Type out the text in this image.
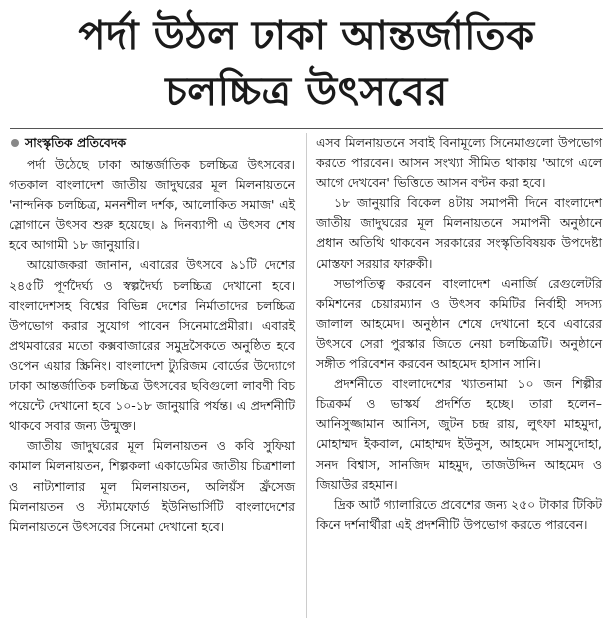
পর্দা উঠল ঢাকা আন্তর্জাতিক
চলচ্চিত্র উৎসবের
সাংস্কৃতিক প্রতিবেদক

পর্দা উঠেছে ঢাকা আন্তর্জাতিক চলচ্চিত্র উৎসবের। গতকাল বাংলাদেশ জাতীয় জাদুঘরের মূল মিলনায়তনে 'নান্দনিক চলচ্চিত্র, মননশীল দর্শক, আলোকিত সমাজ' এই স্লোগানে উৎসব শুরু হয়েছে। ৯ দিনব্যাপী এ উৎসব শেষ হবে আগামী ১৮ জানুয়ারি।

আয়োজকরা জানান, এবারের উৎসবে ৯১টি দেশের ২৪৫টি পূর্ণদৈর্ঘ্য ও স্বল্পদৈর্ঘ্য চলচ্চিত্র দেখানো হবে। বাংলাদেশসহ বিশ্বের বিভিন্ন দেশের নির্মাতাদের চলচ্চিত্র উপভোগ করার সুযোগ পাবেন সিনেমাপ্রেমীরা। এবারই প্রথমবারের মতো কক্সবাজারের সমুদ্রসৈকতে অনুষ্ঠিত হবে ওপেন এয়ার স্ক্রিনিং। বাংলাদেশ ট্যুরিজম বোর্ডের উদ্যোগে ঢাকা আন্তর্জাতিক চলচ্চিত্র উৎসবের ছবিগুলো লাবণী বিচ পয়েন্টে দেখানো হবে ১০-১৮ জানুয়ারি পর্যন্ত। এ প্রদর্শনীটি থাকবে সবার জন্য উন্মুক্ত।

জাতীয় জাদুঘরের মূল মিলনায়তন ও কবি সুফিয়া কামাল মিলনায়তন, শিল্পকলা একাডেমির জাতীয় চিত্রশালা ও নাট্যশালার মূল মিলনায়তন, অলিয়ঁস ফ্রঁসেজ মিলনায়তন ও স্ট্যামফোর্ড ইউনিভার্সিটি বাংলাদেশের মিলনায়তনে উৎসবের সিনেমা দেখানো হবে।

এসব মিলনায়তনে সবাই বিনামূল্যে সিনেমাগুলো উপভোগ করতে পারবেন। আসন সংখ্যা সীমিত থাকায় 'আগে এলে আগে দেখবেন' ভিত্তিতে আসন বণ্টন করা হবে।

১৮ জানুয়ারি বিকেল ৪টায় সমাপনী দিনে বাংলাদেশ জাতীয় জাদুঘরের মূল মিলনায়তনে সমাপনী অনুষ্ঠানে প্রধান অতিথি থাকবেন সরকারের সংস্কৃতিবিষয়ক উপদেষ্টা মোস্তফা সরয়ার ফারুকী।

সভাপতিত্ব করবেন বাংলাদেশ এনার্জি রেগুলেটরি কমিশনের চেয়ারম্যান ও উৎসব কমিটির নির্বাহী সদস্য জালাল আহমেদ। অনুষ্ঠান শেষে দেখানো হবে এবারের উৎসবে সেরা পুরস্কার জিতে নেয়া চলচ্চিত্রটি। অনুষ্ঠানে সঙ্গীত পরিবেশন করবেন আহমেদ হাসান সানি।

প্রদর্শনীতে বাংলাদেশের খ্যাতনামা ১০ জন শিল্পীর চিত্রকর্ম ও ভাস্কর্য প্রদর্শিত হচ্ছে। তারা হলেন– আনিসুজ্জামান আনিস, জুটন চন্দ্র রায়, লুৎফা মাহমুদা, মোহাম্মদ ইকবাল, মোহাম্মদ ইউনুস, আহমেদ সামসুদোহা, সনদ বিশ্বাস, সানজিদ মাহমুদ, তাজউদ্দিন আহমেদ ও জিয়াউর রহমান।

দ্রিক আর্ট গ্যালারিতে প্রবেশের জন্য ২৫০ টাকার টিকিট কিনে দর্শনার্থীরা এই প্রদর্শনীটি উপভোগ করতে পারবেন।
